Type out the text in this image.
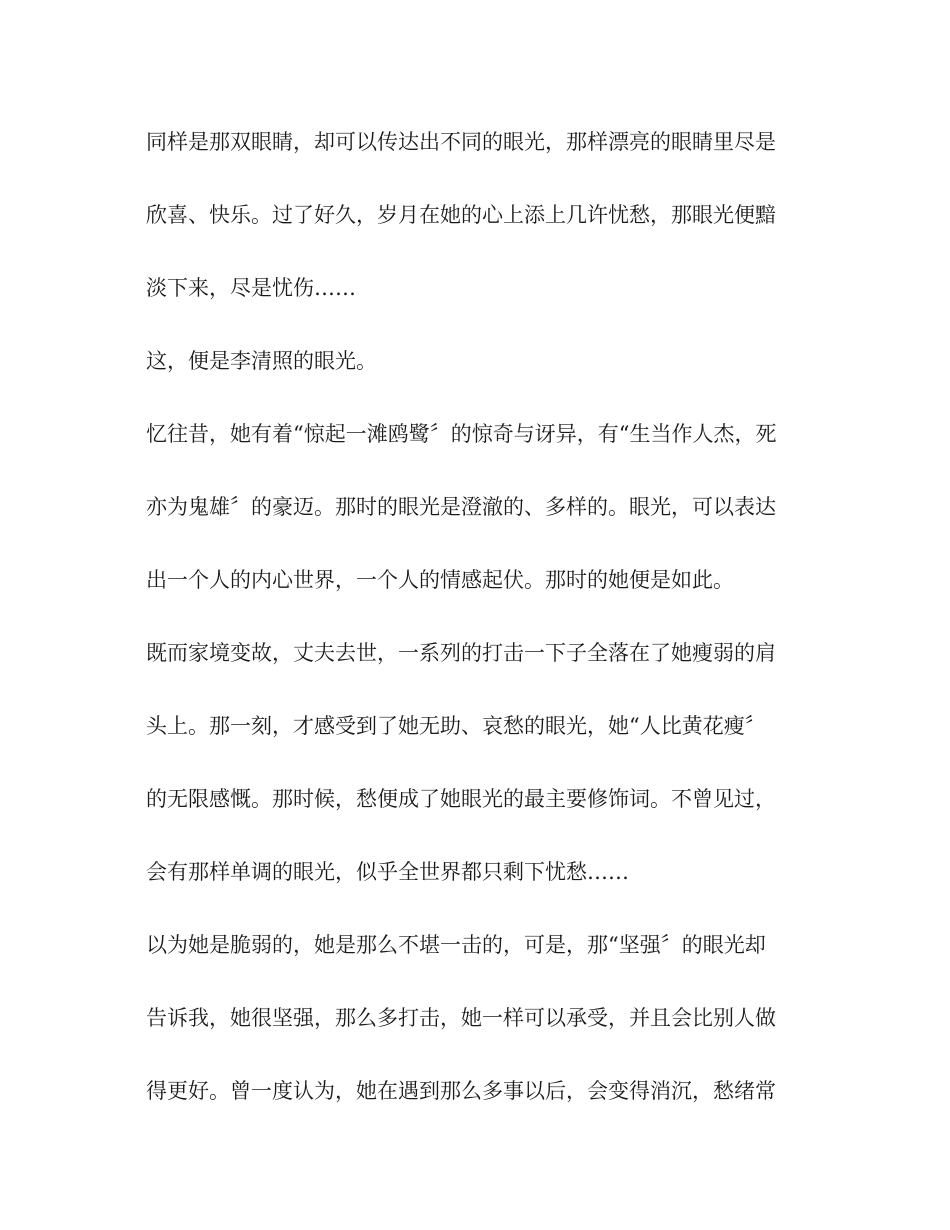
同样是那双眼睛，却可以传达出不同的眼光，那样漂亮的眼睛里尽是

欣喜、快乐。过了好久，岁月在她的心上添上几许忧愁，那眼光便黯

淡下来，尽是忧伤……

这，便是李清照的眼光。

忆往昔，她有着“惊起一滩鸥鹭〞的惊奇与讶异，有“生当作人杰，死

亦为鬼雄〞的豪迈。那时的眼光是澄澈的、多样的。眼光，可以表达

出一个人的内心世界，一个人的情感起伏。那时的她便是如此。

既而家境变故，丈夫去世，一系列的打击一下子全落在了她瘦弱的肩

头上。那一刻，才感受到了她无助、哀愁的眼光，她“人比黄花瘦〞

的无限感慨。那时候，愁便成了她眼光的最主要修饰词。不曾见过，

会有那样单调的眼光，似乎全世界都只剩下忧愁……

以为她是脆弱的，她是那么不堪一击的，可是，那“坚强〞的眼光却

告诉我，她很坚强，那么多打击，她一样可以承受，并且会比别人做

得更好。曾一度认为，她在遇到那么多事以后，会变得消沉，愁绪常
